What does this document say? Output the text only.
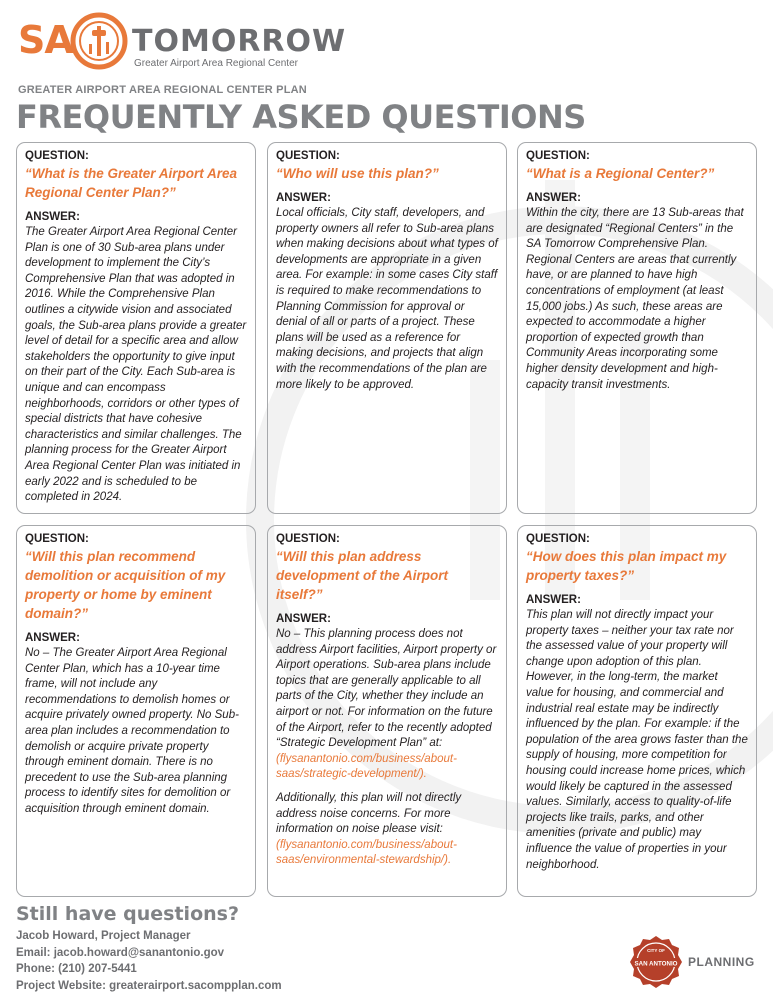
SA TOMORROW
Greater Airport Area Regional Center
GREATER AIRPORT AREA REGIONAL CENTER PLAN
FREQUENTLY ASKED QUESTIONS
QUESTION:
“What is the Greater Airport Area Regional Center Plan?”
ANSWER:
The Greater Airport Area Regional Center Plan is one of 30 Sub-area plans under development to implement the City’s Comprehensive Plan that was adopted in 2016. While the Comprehensive Plan outlines a citywide vision and associated goals, the Sub-area plans provide a greater level of detail for a specific area and allow stakeholders the opportunity to give input on their part of the City. Each Sub-area is unique and can encompass neighborhoods, corridors or other types of special districts that have cohesive characteristics and similar challenges. The planning process for the Greater Airport Area Regional Center Plan was initiated in early 2022 and is scheduled to be completed in 2024.
QUESTION:
“Who will use this plan?”
ANSWER:
Local officials, City staff, developers, and property owners all refer to Sub-area plans when making decisions about what types of developments are appropriate in a given area. For example: in some cases City staff is required to make recommendations to Planning Commission for approval or denial of all or parts of a project. These plans will be used as a reference for making decisions, and projects that align with the recommendations of the plan are more likely to be approved.
QUESTION:
“What is a Regional Center?”
ANSWER:
Within the city, there are 13 Sub-areas that are designated “Regional Centers” in the SA Tomorrow Comprehensive Plan. Regional Centers are areas that currently have, or are planned to have high concentrations of employment (at least 15,000 jobs.) As such, these areas are expected to accommodate a higher proportion of expected growth than Community Areas incorporating some higher density development and high-capacity transit investments.
QUESTION:
“Will this plan recommend demolition or acquisition of my property or home by eminent domain?”
ANSWER:
No – The Greater Airport Area Regional Center Plan, which has a 10-year time frame, will not include any recommendations to demolish homes or acquire privately owned property. No Sub-area plan includes a recommendation to demolish or acquire private property through eminent domain. There is no precedent to use the Sub-area planning process to identify sites for demolition or acquisition through eminent domain.
QUESTION:
“Will this plan address development of the Airport itself?”
ANSWER:

No – This planning process does not address Airport facilities, Airport property or Airport operations. Sub-area plans include topics that are generally applicable to all parts of the City, whether they include an airport or not. For information on the future of the Airport, refer to the recently adopted “Strategic Development Plan” at: (flysanantonio.com/business/about-saas/strategic-development/).

Additionally, this plan will not directly address noise concerns. For more information on noise please visit: (flysanantonio.com/business/about-saas/environmental-stewardship/).

QUESTION:
“How does this plan impact my property taxes?”
ANSWER:
This plan will not directly impact your property taxes – neither your tax rate nor the assessed value of your property will change upon adoption of this plan. However, in the long-term, the market value for housing, and commercial and industrial real estate may be indirectly influenced by the plan. For example: if the population of the area grows faster than the supply of housing, more competition for housing could increase home prices, which would likely be captured in the assessed values. Similarly, access to quality-of-life projects like trails, parks, and other amenities (private and public) may influence the value of properties in your neighborhood.
Still have questions?
Jacob Howard, Project Manager
Email: jacob.howard@sanantonio.gov
Phone: (210) 207-5441
Project Website: greaterairport.sacompplan.com
CITY OF
SAN ANTONIO PLANNING
